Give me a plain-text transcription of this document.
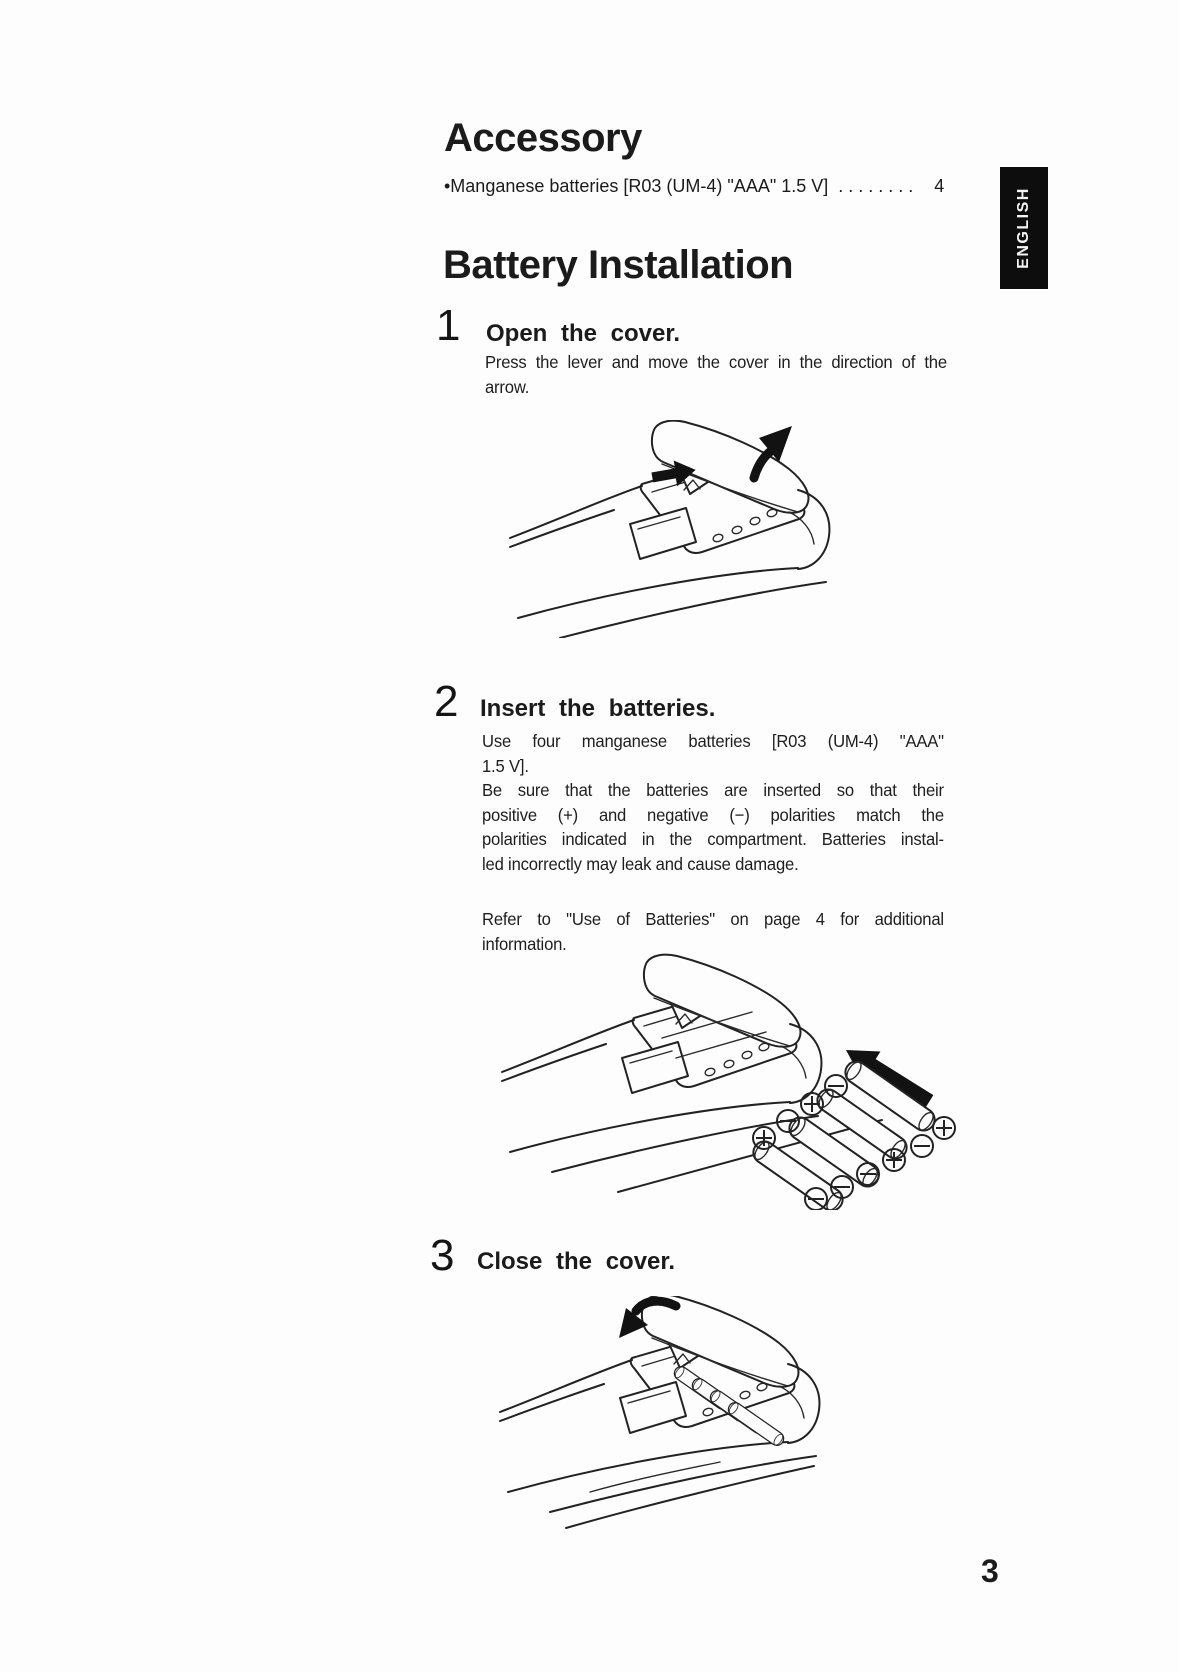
Accessory
•Manganese batteries [R03 (UM-4) "AAA" 1.5 V] ........ 4
ENGLISH
Battery Installation
1 Open the cover.
Press the lever and move the cover in the direction of the
arrow.
2 Insert the batteries.
Use four manganese batteries [R03 (UM-4) "AAA"
1.5 V].
Be sure that the batteries are inserted so that their
positive (+) and negative (−) polarities match the
polarities indicated in the compartment. Batteries instal-
led incorrectly may leak and cause damage.
Refer to "Use of Batteries" on page 4 for additional
information.
3 Close the cover.
3
